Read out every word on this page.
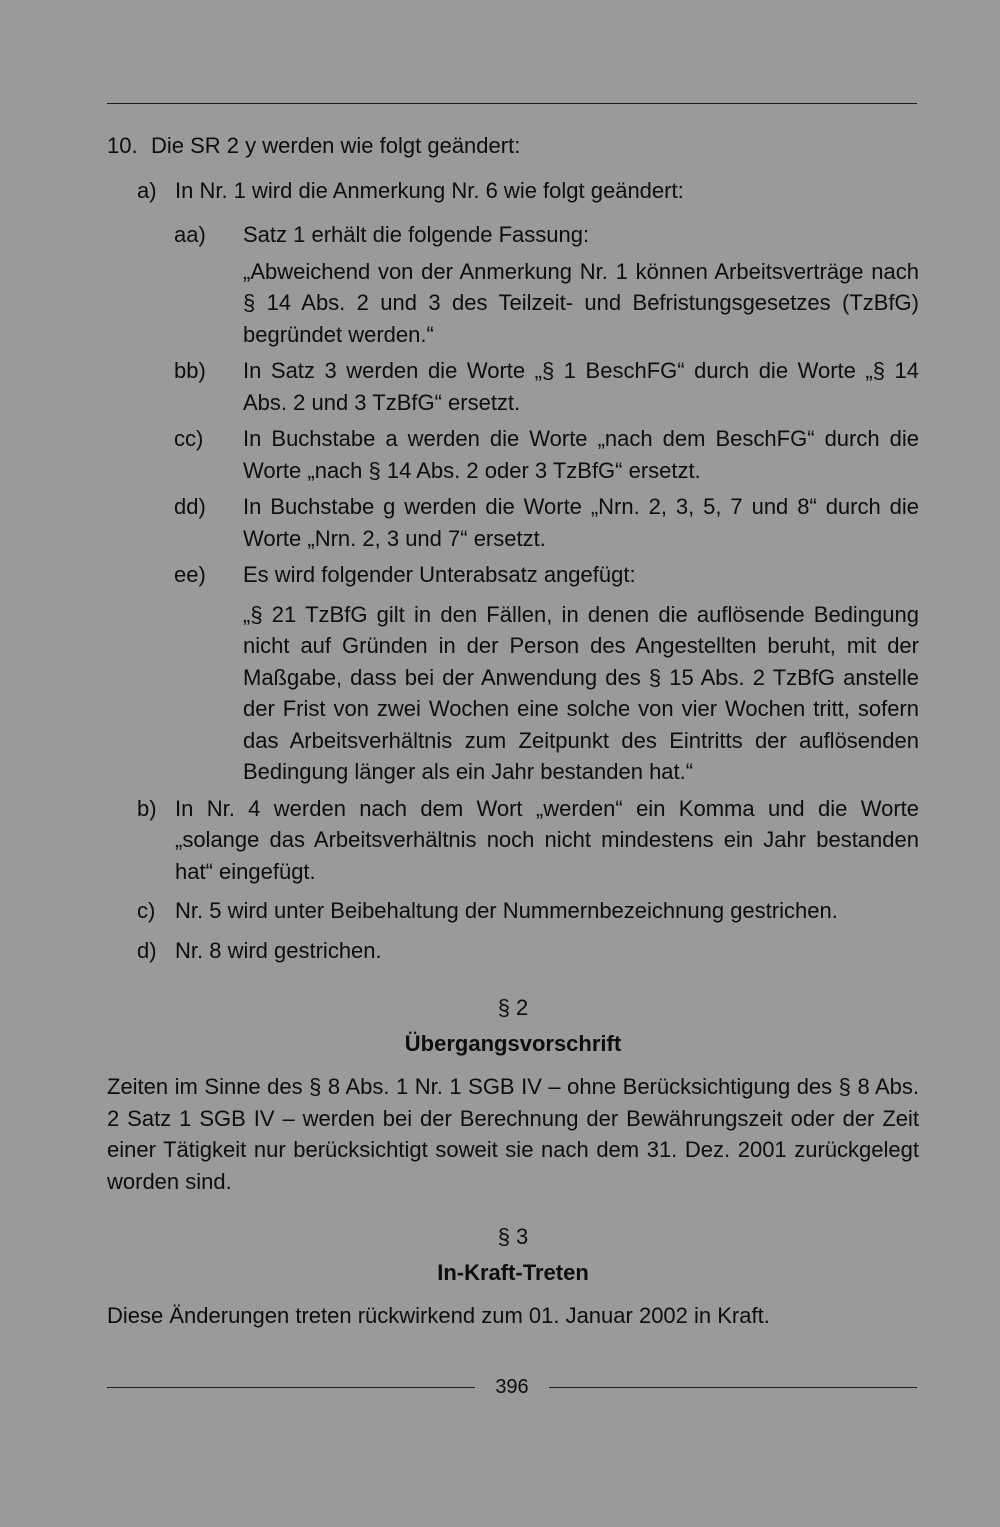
10. Die SR 2 y werden wie folgt geändert:
a) In Nr. 1 wird die Anmerkung Nr. 6 wie folgt geändert:
aa)	Satz 1 erhält die folgende Fassung:
„Abweichend von der Anmerkung Nr. 1 können Arbeitsverträge nach § 14 Abs. 2 und 3 des Teilzeit- und Befristungsgesetzes (TzBfG) begründet werden.“
bb)	In Satz 3 werden die Worte „§ 1 BeschFG“ durch die Worte „§ 14 Abs. 2 und 3 TzBfG“ ersetzt.
cc)	In Buchstabe a werden die Worte „nach dem BeschFG“ durch die Worte „nach § 14 Abs. 2 oder 3 TzBfG“ ersetzt.
dd)	In Buchstabe g werden die Worte „Nrn. 2, 3, 5, 7 und 8“ durch die Worte „Nrn. 2, 3 und 7“ ersetzt.
ee)	Es wird folgender Unterabsatz angefügt:
„§ 21 TzBfG gilt in den Fällen, in denen die auflösende Bedingung nicht auf Gründen in der Person des Angestellten beruht, mit der Maßgabe, dass bei der Anwendung des § 15 Abs. 2 TzBfG anstelle der Frist von zwei Wochen eine solche von vier Wochen tritt, sofern das Arbeitsverhältnis zum Zeitpunkt des Eintritts der auflösenden Bedingung länger als ein Jahr bestanden hat.“
b) In Nr. 4 werden nach dem Wort „werden“ ein Komma und die Worte „solange das Arbeitsverhältnis noch nicht mindestens ein Jahr bestanden hat“ eingefügt.
c) Nr. 5 wird unter Beibehaltung der Nummernbezeichnung gestrichen.
d) Nr. 8 wird gestrichen.
§ 2
Übergangsvorschrift
Zeiten im Sinne des § 8 Abs. 1 Nr. 1 SGB IV – ohne Berücksichtigung des § 8 Abs. 2 Satz 1 SGB IV – werden bei der Berechnung der Bewährungszeit oder der Zeit einer Tätigkeit nur berücksichtigt soweit sie nach dem 31. Dez. 2001 zurückgelegt worden sind.
§ 3
In-Kraft-Treten
Diese Änderungen treten rückwirkend zum 01. Januar 2002 in Kraft.
396
